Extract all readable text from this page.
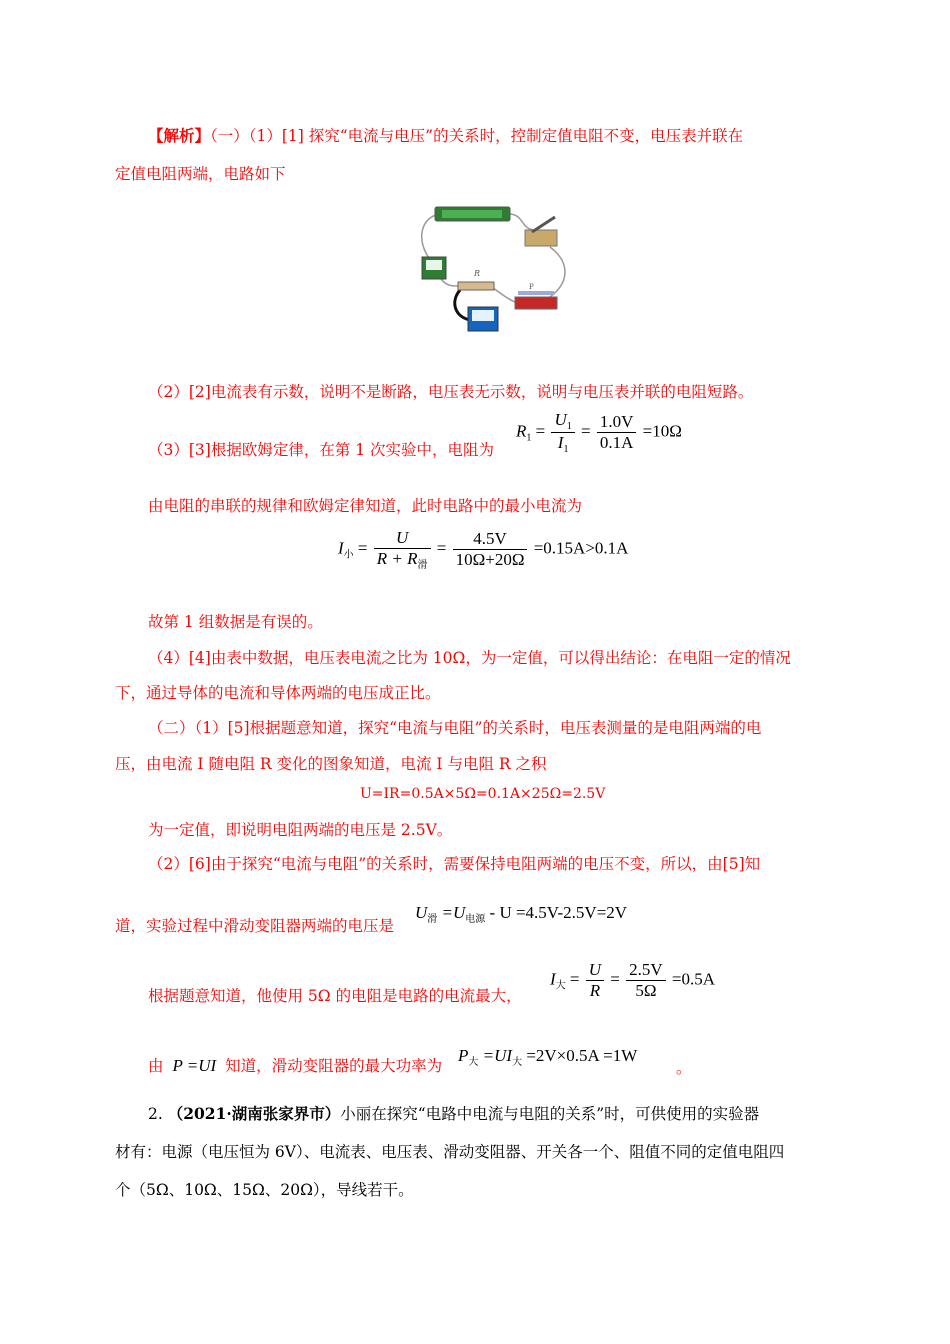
【解析】（一）（1）[1] 探究“电流与电压”的关系时，控制定值电阻不变，电压表并联在
定值电阻两端，电路如下
R
P
（2）[2]电流表有示数，说明不是断路，电压表无示数，说明与电压表并联的电阻短路。
（3）[3]根据欧姆定律，在第 1 次实验中，电阻为
$R_1 = \frac{U_1}{I_1} = \frac{1.0V}{0.1A} =10\Omega$
由电阻的串联的规律和欧姆定律知道，此时电路中的最小电流为
$I_小 = \frac{U}{R + R_滑} = \frac{4.5V}{10\Omega+20\Omega} =0.15A>0.1A$
故第 1 组数据是有误的。
（4）[4]由表中数据，电压表电流之比为 10Ω，为一定值，可以得出结论：在电阻一定的情况
下，通过导体的电流和导体两端的电压成正比。
（二）（1）[5]根据题意知道，探究“电流与电阻”的关系时，电压表测量的是电阻两端的电
压，由电流 I 随电阻 R 变化的图象知道，电流 I 与电阻 R 之积
U=IR=0.5A×5Ω=0.1A×25Ω=2.5V
为一定值，即说明电阻两端的电压是 2.5V。
（2）[6]由于探究“电流与电阻”的关系时，需要保持电阻两端的电压不变，所以，由[5]知
道，实验过程中滑动变阻器两端的电压是
$U_滑 =U_{电源} - U =4.5V-2.5V=2V$
根据题意知道，他使用 5Ω 的电阻是电路的电流最大，
$I_大 = \frac{U}{R} = \frac{2.5V}{5\Omega} =0.5A$
由 P =UI 知道，滑动变阻器的最大功率为
$P_大 =UI_大 =2V\times 0.5A =1W$
。
2. （2021·湖南张家界市）小丽在探究“电路中电流与电阻的关系”时，可供使用的实验器
材有：电源（电压恒为 6V）、电流表、电压表、滑动变阻器、开关各一个、阻值不同的定值电阻四
个（5Ω、10Ω、15Ω、20Ω），导线若干。
